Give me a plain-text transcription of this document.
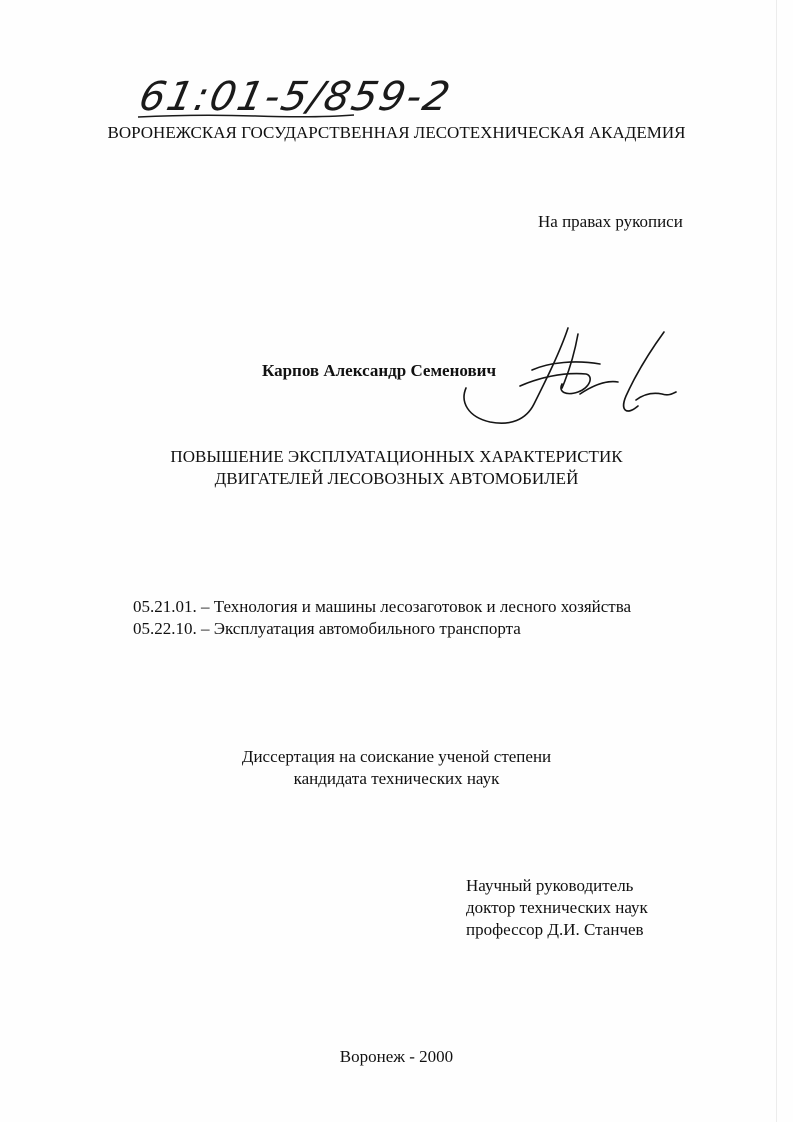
61:01-5/859-2

ВОРОНЕЖСКАЯ ГОСУДАРСТВЕННАЯ ЛЕСОТЕХНИЧЕСКАЯ АКАДЕМИЯ

На правах рукописи

Карпов Александр Семенович

ПОВЫШЕНИЕ ЭКСПЛУАТАЦИОННЫХ ХАРАКТЕРИСТИК

ДВИГАТЕЛЕЙ ЛЕСОВОЗНЫХ АВТОМОБИЛЕЙ

05.21.01. – Технология и машины лесозаготовок и лесного хозяйства

05.22.10. – Эксплуатация автомобильного транспорта

Диссертация на соискание ученой степени

кандидата технических наук

Научный руководитель

доктор технических наук

профессор Д.И. Станчев

Воронеж - 2000
